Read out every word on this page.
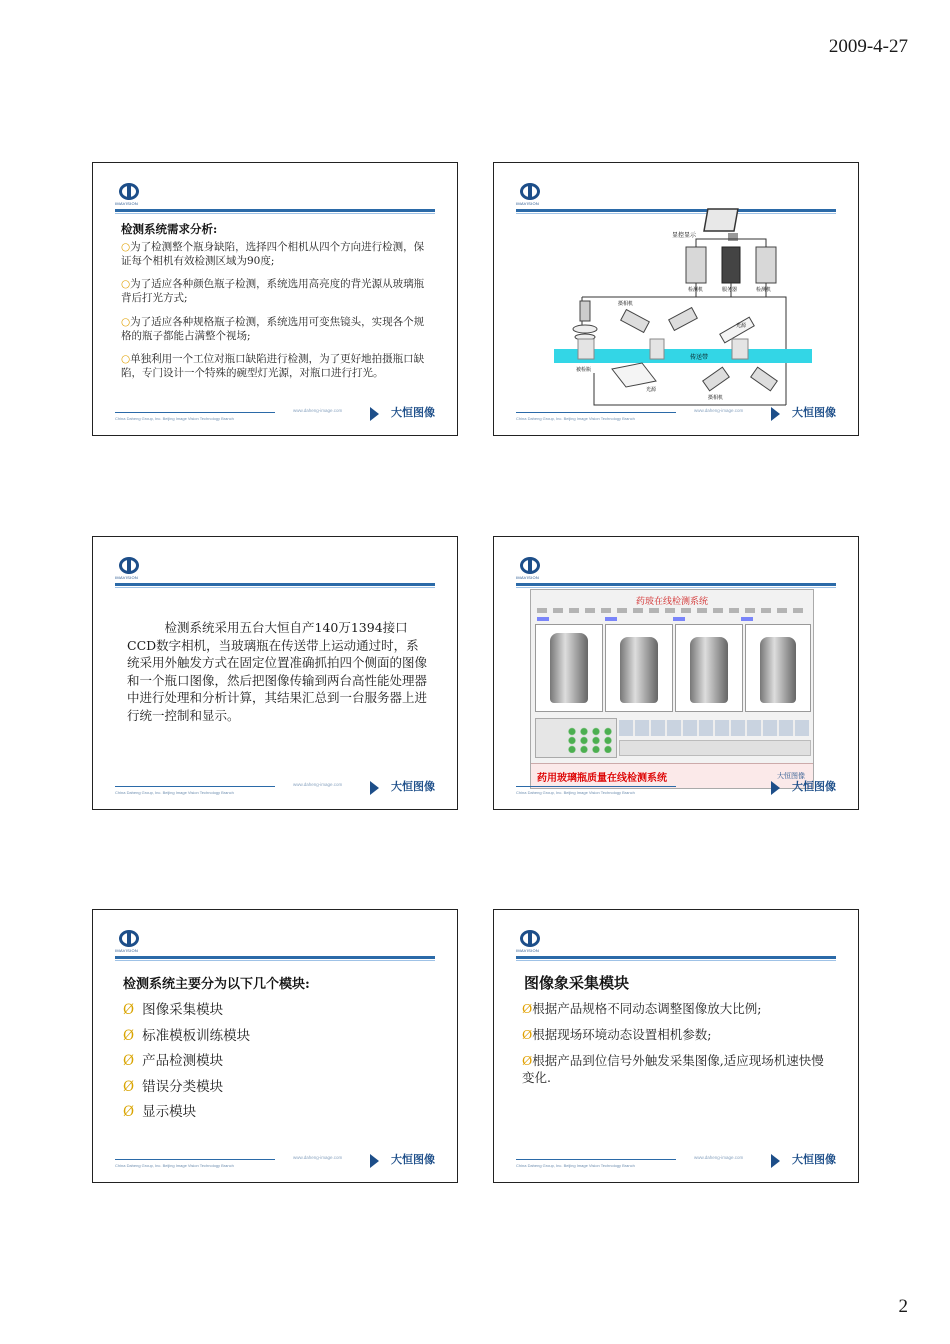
2009-4-27
IMAVISION
检测系统需求分析:
○为了检测整个瓶身缺陷，选择四个相机从四个方向进行检测，保证每个相机有效检测区域为90度;
○为了适应各种颜色瓶子检测，系统选用高亮度的背光源从玻璃瓶背后打光方式;
○为了适应各种规格瓶子检测，系统选用可变焦镜头，实现各个规格的瓶子都能占满整个视场;
○单独利用一个工位对瓶口缺陷进行检测，为了更好地拍摄瓶口缺陷，专门设计一个特殊的碗型灯光源，对瓶口进行打光。
China Daheng Group, Inc. Beijing Image Vision Technology Branch
www.daheng-image.com	大恒图像
IMAVISION
显控显示
检测机	服务器	检测机
摄相机
光源
传送带
被检瓶
光源
摄相机
China Daheng Group, Inc. Beijing Image Vision Technology Branch
www.daheng-image.com	大恒图像
IMAVISION
检测系统采用五台大恒自产140万1394接口CCD数字相机，当玻璃瓶在传送带上运动通过时，系统采用外触发方式在固定位置准确抓拍四个侧面的图像和一个瓶口图像，然后把图像传输到两台高性能处理器中进行处理和分析计算，其结果汇总到一台服务器上进行统一控制和显示。
China Daheng Group, Inc. Beijing Image Vision Technology Branch
www.daheng-image.com	大恒图像
IMAVISION
药玻在线检测系统
药用玻璃瓶质量在线检测系统	大恒图像
China Daheng Group, Inc. Beijing Image Vision Technology Branch	大恒图像
IMAVISION
检测系统主要分为以下几个模块:
Ø 图像采集模块
Ø 标准模板训练模块
Ø 产品检测模块
Ø 错误分类模块
Ø 显示模块
China Daheng Group, Inc. Beijing Image Vision Technology Branch
www.daheng-image.com	大恒图像
IMAVISION
图像象采集模块
Ø根据产品规格不同动态调整图像放大比例;
Ø根据现场环境动态设置相机参数;
Ø根据产品到位信号外触发采集图像,适应现场机速快慢变化.
China Daheng Group, Inc. Beijing Image Vision Technology Branch
www.daheng-image.com	大恒图像
2
